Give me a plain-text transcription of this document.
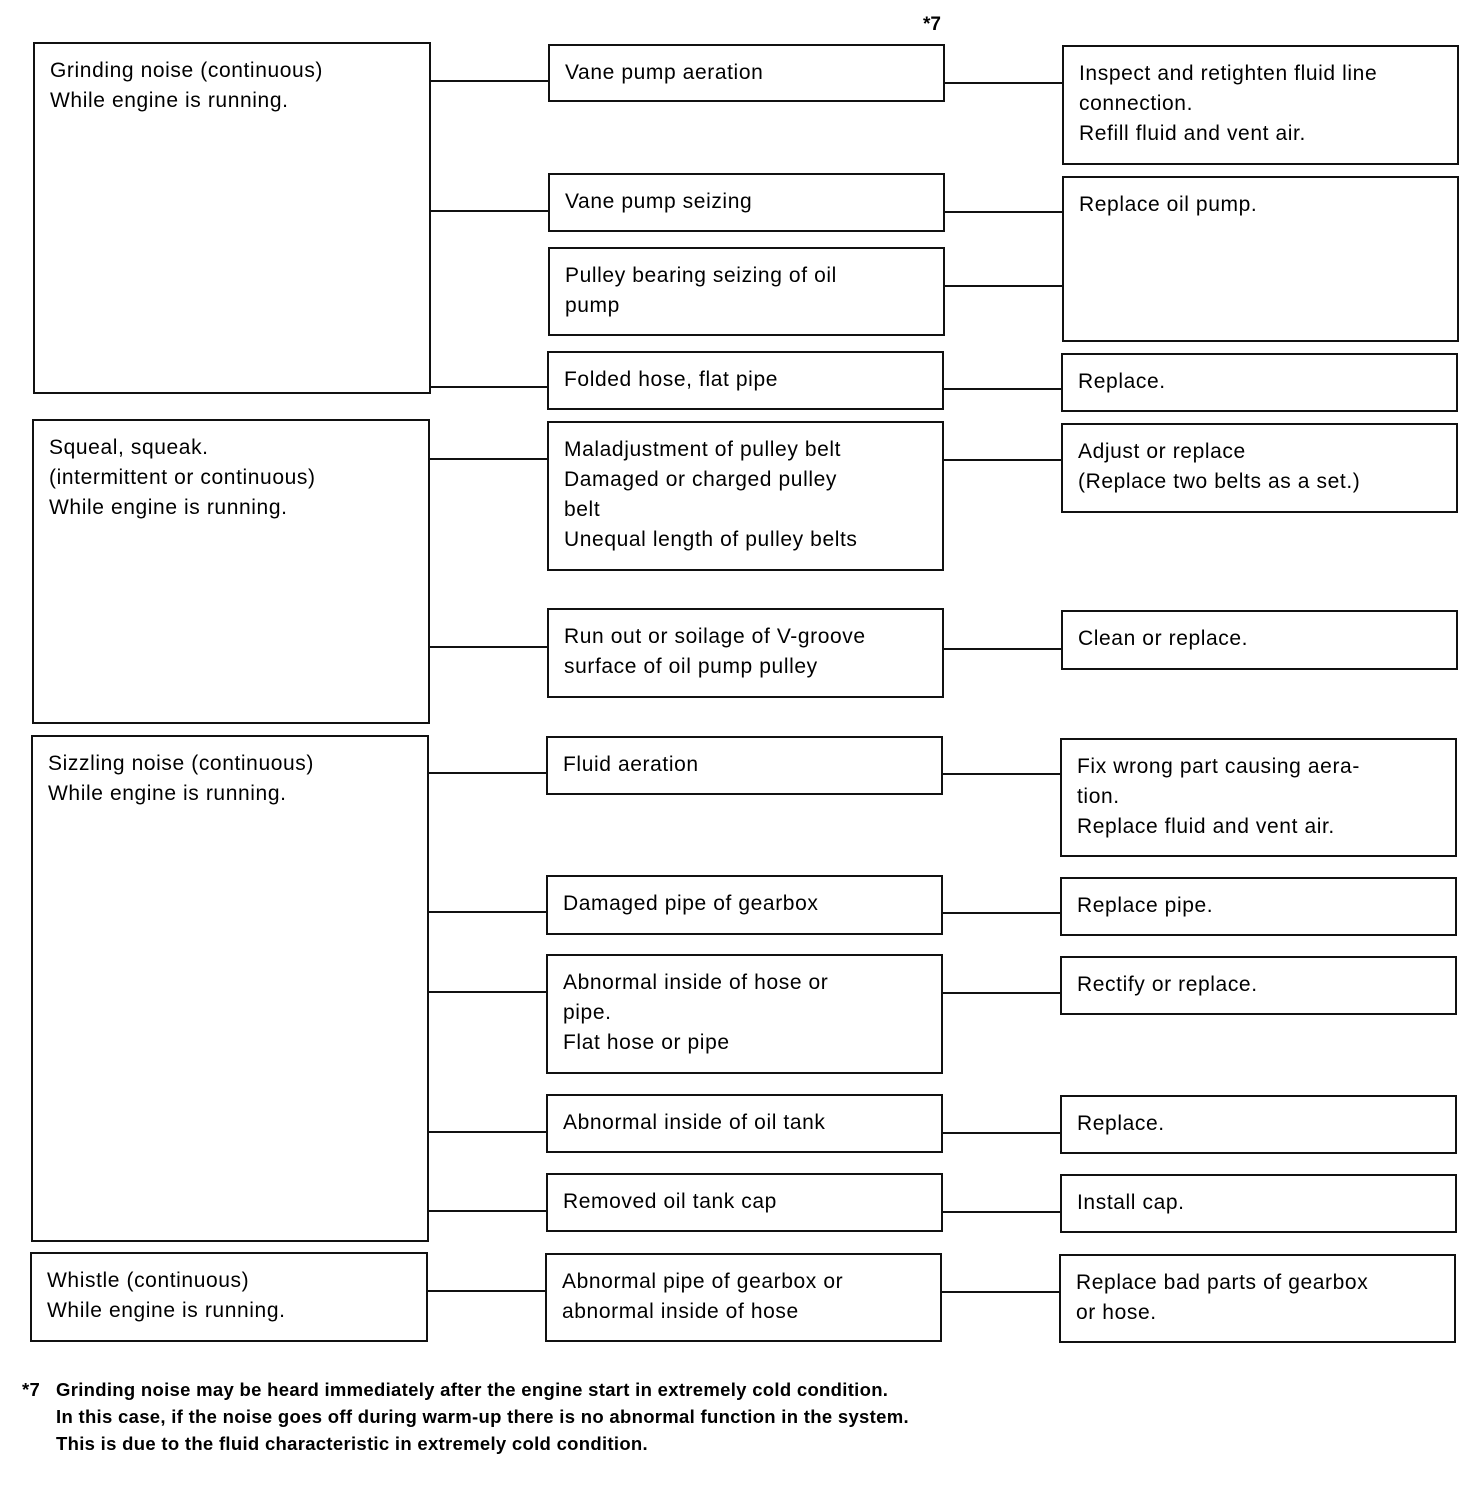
*7
Grinding noise (continuous)
While engine is running.
Squeal, squeak.
(intermittent or continuous)
While engine is running.
Sizzling noise (continuous)
While engine is running.
Whistle (continuous)
While engine is running.
Vane pump aeration
Vane pump seizing
Pulley bearing seizing of oil
pump
Folded hose, flat pipe
Maladjustment of pulley belt
Damaged or charged pulley
belt
Unequal length of pulley belts
Run out or soilage of V-groove
surface of oil pump pulley
Fluid aeration
Damaged pipe of gearbox
Abnormal inside of hose or
pipe.
Flat hose or pipe
Abnormal inside of oil tank
Removed oil tank cap
Abnormal pipe of gearbox or
abnormal inside of hose
Inspect and retighten fluid line
connection.
Refill fluid and vent air.
Replace oil pump.
Replace.
Adjust or replace
(Replace two belts as a set.)
Clean or replace.
Fix wrong part causing aera-
tion.
Replace fluid and vent air.
Replace pipe.
Rectify or replace.
Replace.
Install cap.
Replace bad parts of gearbox
or hose.
*7 Grinding noise may be heard immediately after the engine start in extremely cold condition.
In this case, if the noise goes off during warm-up there is no abnormal function in the system.
This is due to the fluid characteristic in extremely cold condition.
